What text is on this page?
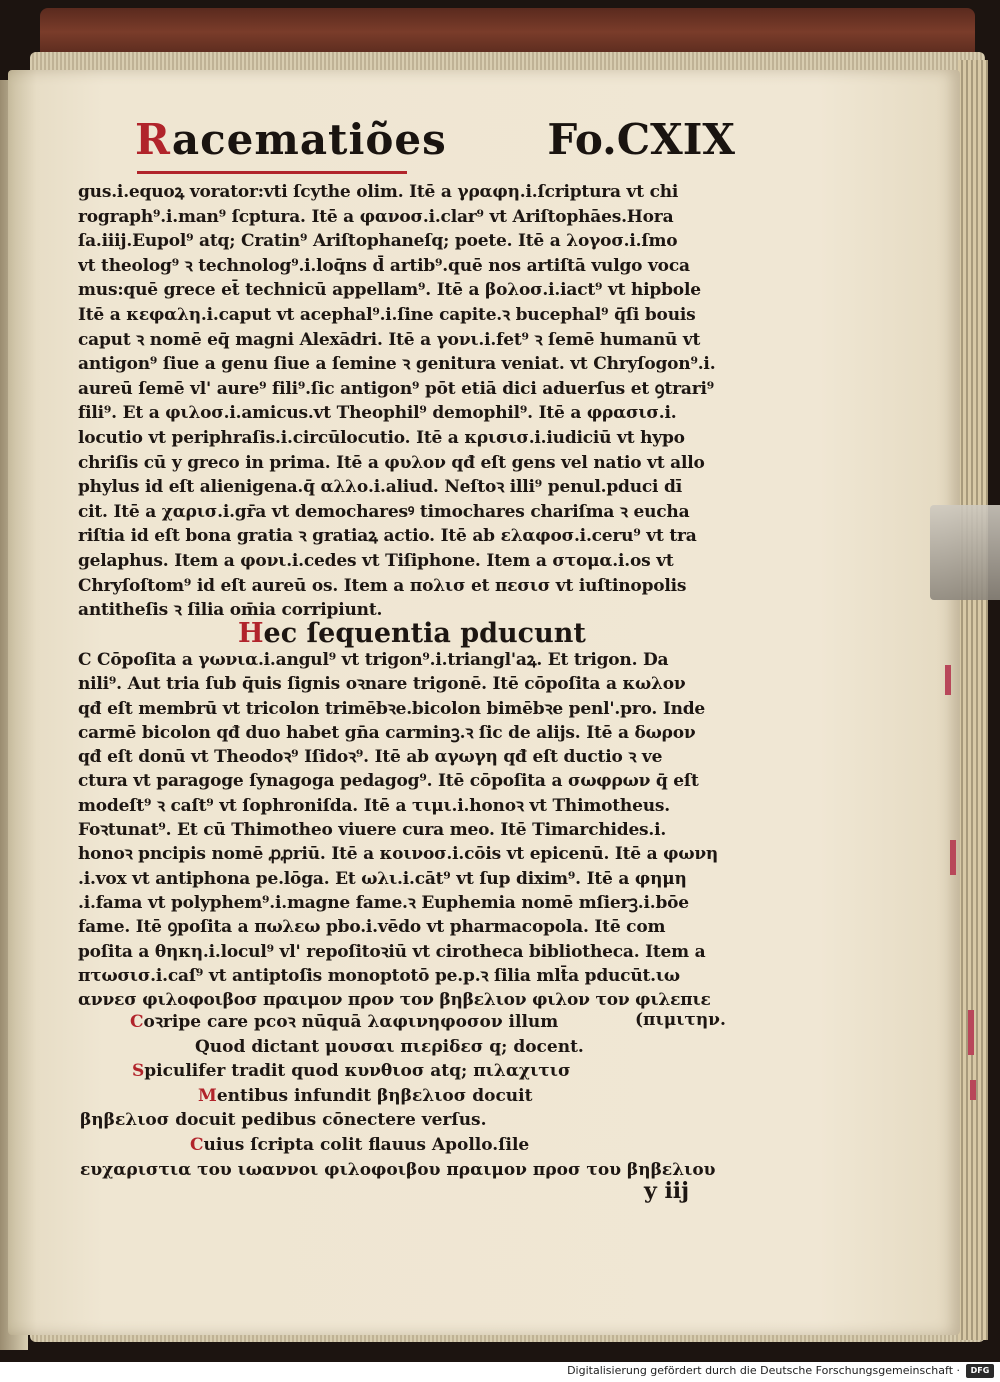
Racematiões Fo.CXIX
gus.i.equoꝝ vorator:vti ſcythe olim. Itē a γραφη.i.ſcriptura vt chi
rograph⁹.i.man⁹ ſcptura. Itē a φανοσ.i.clar⁹ vt Ariſtophāes.Hora
ſa.iiij.Eupol⁹ atq; Cratin⁹ Ariſtophaneſq; poete. Itē a λογοσ.i.ſmo
vt theolog⁹ ꝛ technolog⁹.i.loq̄ns d̄ artib⁹.quē nos artiſtā vulgo voca
mus:quē grece et̄ technicū appellam⁹. Itē a βολοσ.i.iact⁹ vt hipbole
Itē a κεφαλη.i.caput vt acephal⁹.i.ſine capite.ꝛ bucephal⁹ q̄ſi bouis
caput ꝛ nomē eq̄ magni Alexādri. Itē a γονι.i.fet⁹ ꝛ ſemē humanū vt
antigon⁹ ſiue a genu ſiue a ſemine ꝛ genitura veniat. vt Chryſogon⁹.i.
aureū ſemē vl' aure⁹ fili⁹.ſic antigon⁹ pōt etiā dici aduerſus et ꝯtrari⁹
fili⁹. Et a φιλοσ.i.amicus.vt Theophil⁹ demophil⁹. Itē a φρασισ.i.
locutio vt periphraſis.i.circūlocutio. Itē a κρισισ.i.iudiciū vt hypo
chriſis cū y greco in prima. Itē a φυλον qđ eſt gens vel natio vt allo
phylus id eſt alienigena.q̄ αλλο.i.aliud. Neſtoꝛ illi⁹ penul.pduci dī
cit. Itē a χαρισ.i.gr̄a vt democharesꝰ timochares chariſma ꝛ eucha
riſtia id eſt bona gratia ꝛ gratiaꝝ actio. Itē ab ελαφοσ.i.ceru⁹ vt tra
gelaphus. Item a φονι.i.cedes vt Tiſiphone. Item a στομα.i.os vt
Chryſoſtom⁹ id eſt aureū os. Item a πολισ et πεσισ vt iuſtinopolis
antitheſis ꝛ ſilia om̄ia corripiunt.
Hec ſequentia pducunt
C Cōpoſita a γωνια.i.angul⁹ vt trigon⁹.i.triangl'aꝝ. Et trigon. Da
nili⁹. Aut tria ſub q̄uis ſignis oꝛnare trigonē. Itē cōpoſita a κωλον
qđ eſt membrū vt tricolon trimēbꝛe.bicolon bimēbꝛe penl'.pro. Inde
carmē bicolon qđ duo habet gn̄a carminꝫ.ꝛ ſic de alijs. Itē a δωρον
qđ eſt donū vt Theodoꝛ⁹ Iſidoꝛ⁹. Itē ab αγωγη qđ eſt ductio ꝛ ve
ctura vt paragoge ſynagoga pedagog⁹. Itē cōpoſita a σωφρων q̄ eſt
modeſt⁹ ꝛ caſt⁹ vt ſophroniſda. Itē a τιμι.i.honoꝛ vt Thimotheus.
Foꝛtunat⁹. Et cū Thimotheo viuere cura meo. Itē Timarchides.i.
honoꝛ pncipis nomē ꝓꝓriū. Itē a κοινοσ.i.cōis vt epicenū. Itē a φωνη
.i.vox vt antiphona pe.lōga. Et ωλι.i.cāt⁹ vt ſup dixim⁹. Itē a φημη
.i.fama vt polyphem⁹.i.magne fame.ꝛ Euphemia nomē mſierꝫ.i.bōe
fame. Itē ꝯpoſita a πωλεω pbo.i.vēdo vt pharmacopola. Itē com
poſita a θηκη.i.locul⁹ vl' repoſitoꝛiū vt cirotheca bibliotheca. Item a
πτωσισ.i.caſ⁹ vt antiptoſis monoptotō pe.p.ꝛ ſilia mlt̄a pducūt.ιω
αννεσ φιλοφοιβοσ πραιμον προν τον βηβελιον φιλον τον φιλεπιε
Coꝛripe care pcoꝛ nūquā λαφινηφοσον illum
Quod dictant μουσαι πιερiδεσ q; docent.
Spiculifer tradit quod κυνθιοσ atq; πιλαχιτισ
Mentibus infundit βηβελιοσ docuit
βηβελιοσ docuit pedibus cōnectere verſus.
Cuius ſcripta colit flauus Apollo.ſile
ευχαριστια του ιωαννοι φιλοφοιβου πραιμον προσ του βηβελιου
(πιμιτην.
y iij
Digitalisierung gefördert durch die Deutsche Forschungsgemeinschaft ·	DFG
